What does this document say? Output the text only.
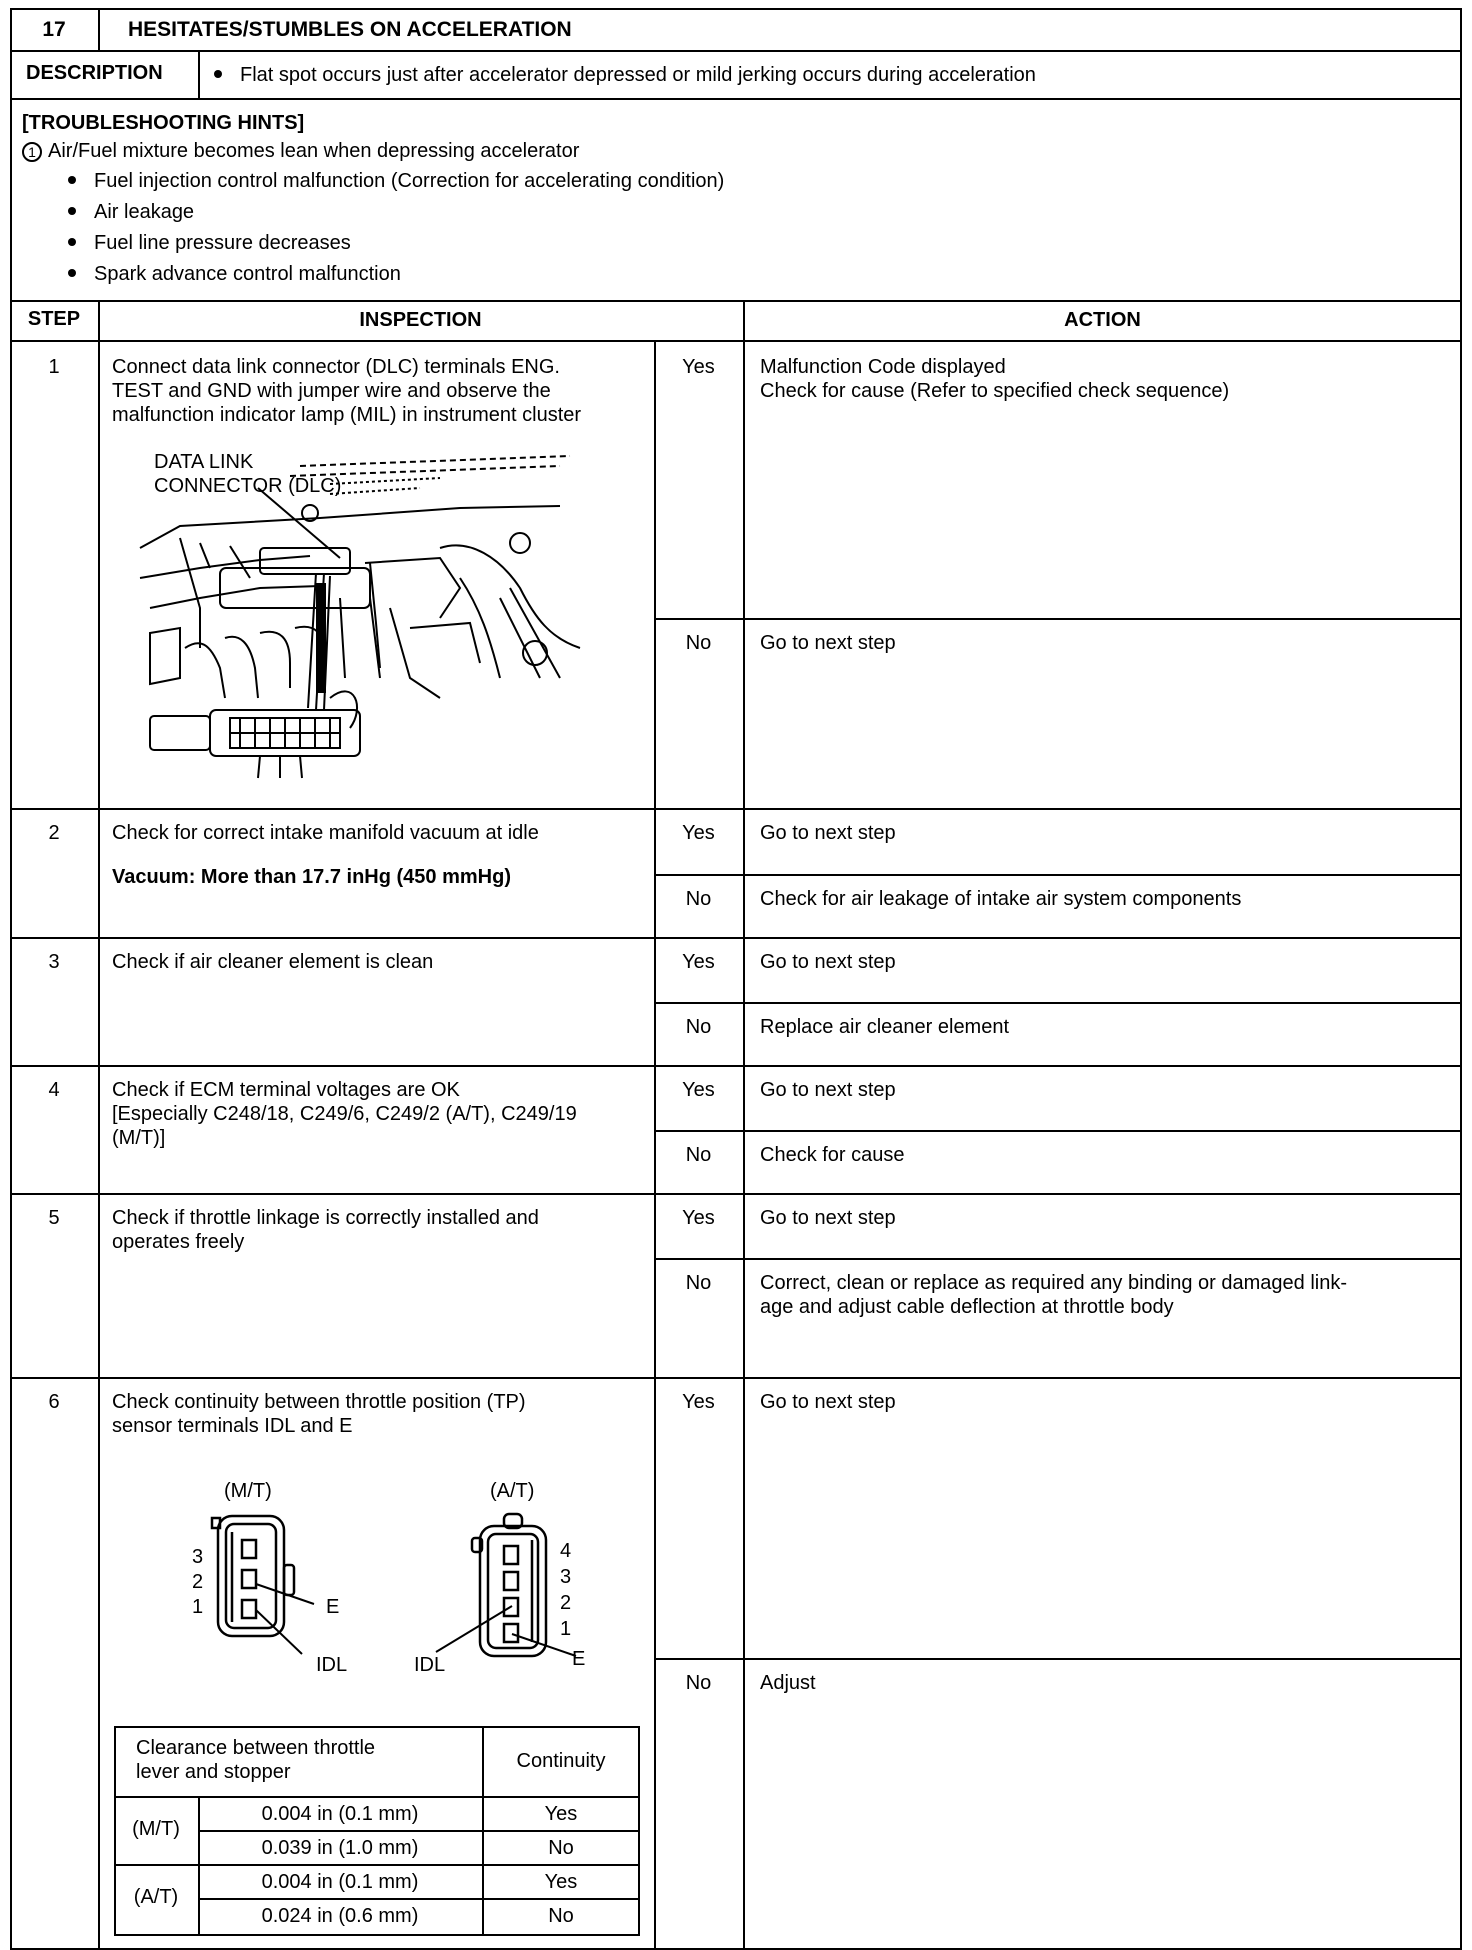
17	HESITATES/STUMBLES ON ACCELERATION
DESCRIPTION	Flat spot occurs just after accelerator depressed or mild jerking occurs during acceleration
[TROUBLESHOOTING HINTS]
1 Air/Fuel mixture becomes lean when depressing accelerator
Fuel injection control malfunction (Correction for accelerating condition)
Air leakage
Fuel line pressure decreases
Spark advance control malfunction
STEP	INSPECTION	ACTION
1	Connect data link connector (DLC) terminals ENG.
TEST and GND with jumper wire and observe the
malfunction indicator lamp (MIL) in instrument cluster
DATA LINK
CONNECTOR (DLC)
Yes	Malfunction Code displayed
Check for cause (Refer to specified check sequence)
No	Go to next step
2	Check for correct intake manifold vacuum at idle
Vacuum: More than 17.7 inHg (450 mmHg)
Yes	Go to next step
No	Check for air leakage of intake air system components
3	Check if air cleaner element is clean	Yes	Go to next step
No	Replace air cleaner element
4	Check if ECM terminal voltages are OK
[Especially C248/18, C249/6, C249/2 (A/T), C249/19
(M/T)]
Yes	Go to next step
No	Check for cause
5	Check if throttle linkage is correctly installed and
operates freely
Yes	Go to next step
No	Correct, clean or replace as required any binding or damaged link-
age and adjust cable deflection at throttle body
6	Check continuity between throttle position (TP)
sensor terminals IDL and E
Yes	Go to next step
No	Adjust
(M/T)
3
2
1	E
IDL
(A/T)
4
3
2
1
IDL	E
Clearance between throttle
lever and stopper	Continuity
(M/T)
0.004 in (0.1 mm)	Yes
0.039 in (1.0 mm)	No
(A/T)
0.004 in (0.1 mm)	Yes
0.024 in (0.6 mm)	No
